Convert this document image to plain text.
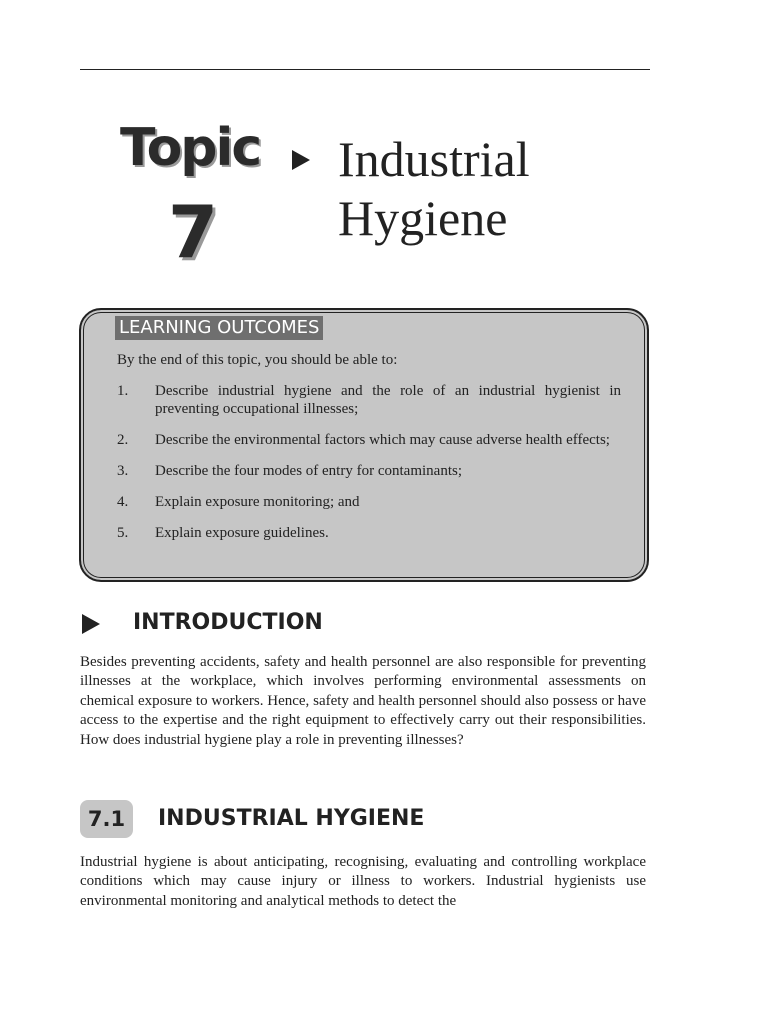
Topic
7
Industrial Hygiene
LEARNING OUTCOMES
By the end of this topic, you should be able to:
1.	Describe industrial hygiene and the role of an industrial hygienist in preventing occupational illnesses;
2.	Describe the environmental factors which may cause adverse health effects;
3.	Describe the four modes of entry for contaminants;
4.	Explain exposure monitoring; and
5.	Explain exposure guidelines.
INTRODUCTION

Besides preventing accidents, safety and health personnel are also responsible for preventing illnesses at the workplace, which involves performing environmental assessments on chemical exposure to workers. Hence, safety and health personnel should also possess or have access to the expertise and the right equipment to effectively carry out their responsibilities. How does industrial hygiene play a role in preventing illnesses?

7.1	INDUSTRIAL HYGIENE

Industrial hygiene is about anticipating, recognising, evaluating and controlling workplace conditions which may cause injury or illness to workers. Industrial hygienists use environmental monitoring and analytical methods to detect the
